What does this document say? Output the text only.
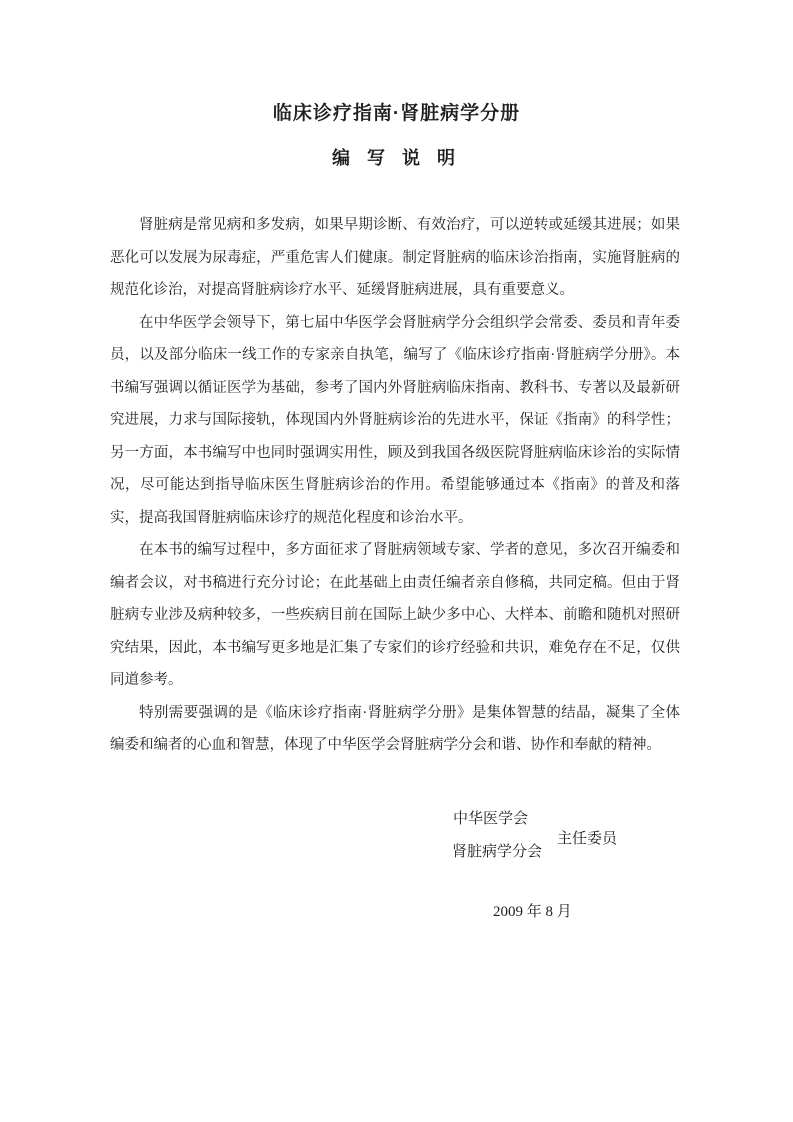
临床诊疗指南·肾脏病学分册
编 写 说 明

肾脏病是常见病和多发病，如果早期诊断、有效治疗，可以逆转或延缓其进展；如果恶化可以发展为尿毒症，严重危害人们健康。制定肾脏病的临床诊治指南，实施肾脏病的规范化诊治，对提高肾脏病诊疗水平、延缓肾脏病进展，具有重要意义。

在中华医学会领导下，第七届中华医学会肾脏病学分会组织学会常委、委员和青年委员，以及部分临床一线工作的专家亲自执笔，编写了《临床诊疗指南·肾脏病学分册》。本书编写强调以循证医学为基础，参考了国内外肾脏病临床指南、教科书、专著以及最新研究进展，力求与国际接轨，体现国内外肾脏病诊治的先进水平，保证《指南》的科学性；另一方面，本书编写中也同时强调实用性，顾及到我国各级医院肾脏病临床诊治的实际情况，尽可能达到指导临床医生肾脏病诊治的作用。希望能够通过本《指南》的普及和落实，提高我国肾脏病临床诊疗的规范化程度和诊治水平。

在本书的编写过程中，多方面征求了肾脏病领域专家、学者的意见，多次召开编委和编者会议，对书稿进行充分讨论；在此基础上由责任编者亲自修稿，共同定稿。但由于肾脏病专业涉及病种较多，一些疾病目前在国际上缺少多中心、大样本、前瞻和随机对照研究结果，因此，本书编写更多地是汇集了专家们的诊疗经验和共识，难免存在不足，仅供同道参考。

特别需要强调的是《临床诊疗指南·肾脏病学分册》是集体智慧的结晶，凝集了全体编委和编者的心血和智慧，体现了中华医学会肾脏病学分会和谐、协作和奉献的精神。

中华医学会
主任委员
肾脏病学分会
2009 年 8 月
